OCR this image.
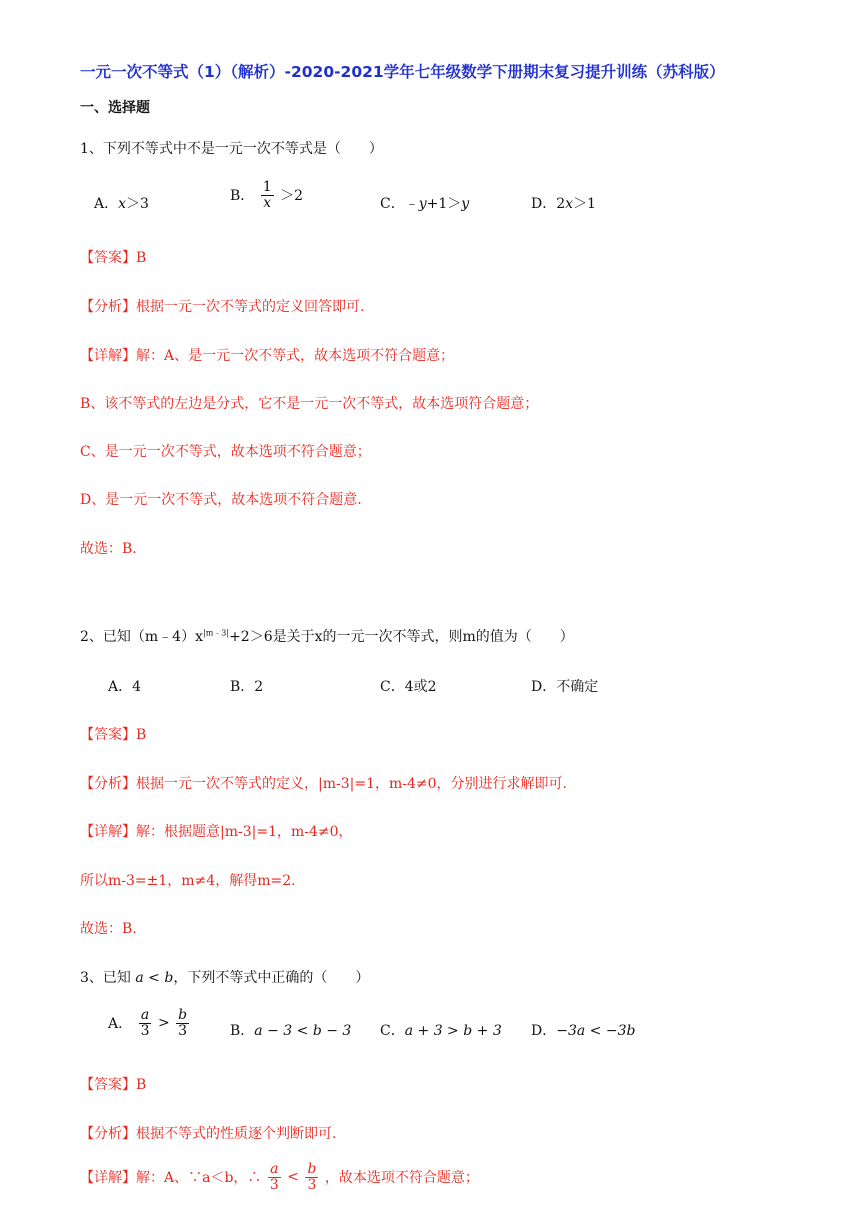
一元一次不等式（1）（解析）-2020-2021学年七年级数学下册期末复习提升训练（苏科版）
一、选择题
1、下列不等式中不是一元一次不等式是（　　）
A．x＞3	B． $\frac{1}{x} >2$	C．﹣y+1＞y	D．2x＞1
【答案】B
【分析】根据一元一次不等式的定义回答即可.
【详解】解：A、是一元一次不等式，故本选项不符合题意；
B、该不等式的左边是分式，它不是一元一次不等式，故本选项符合题意；
C、是一元一次不等式，故本选项不符合题意；
D、是一元一次不等式，故本选项不符合题意.
故选：B.
2、已知$(m﹣4)x^{|m﹣3|}+2>6$是关于x的一元一次不等式，则m的值为（　　）
A．4	B．2	C．4或2	D．不确定
【答案】B
【分析】根据一元一次不等式的定义，|m-3|=1，m-4≠0，分别进行求解即可.
【详解】解：根据题意|m-3|=1，m-4≠0，
所以m-3=±1，m≠4，解得m=2.
故选：B.
3、已知 a < b，下列不等式中正确的（　　）
A． $\frac{a}{3} > \frac{b}{3}$	B．a − 3 < b − 3 C．a + 3 > b + 3 D．−3a < −3b
【答案】B
【分析】根据不等式的性质逐个判断即可.
【详解】解：A、∵a＜b，∴ $\frac{a}{3} < \frac{b}{3}$ ，故本选项不符合题意；
